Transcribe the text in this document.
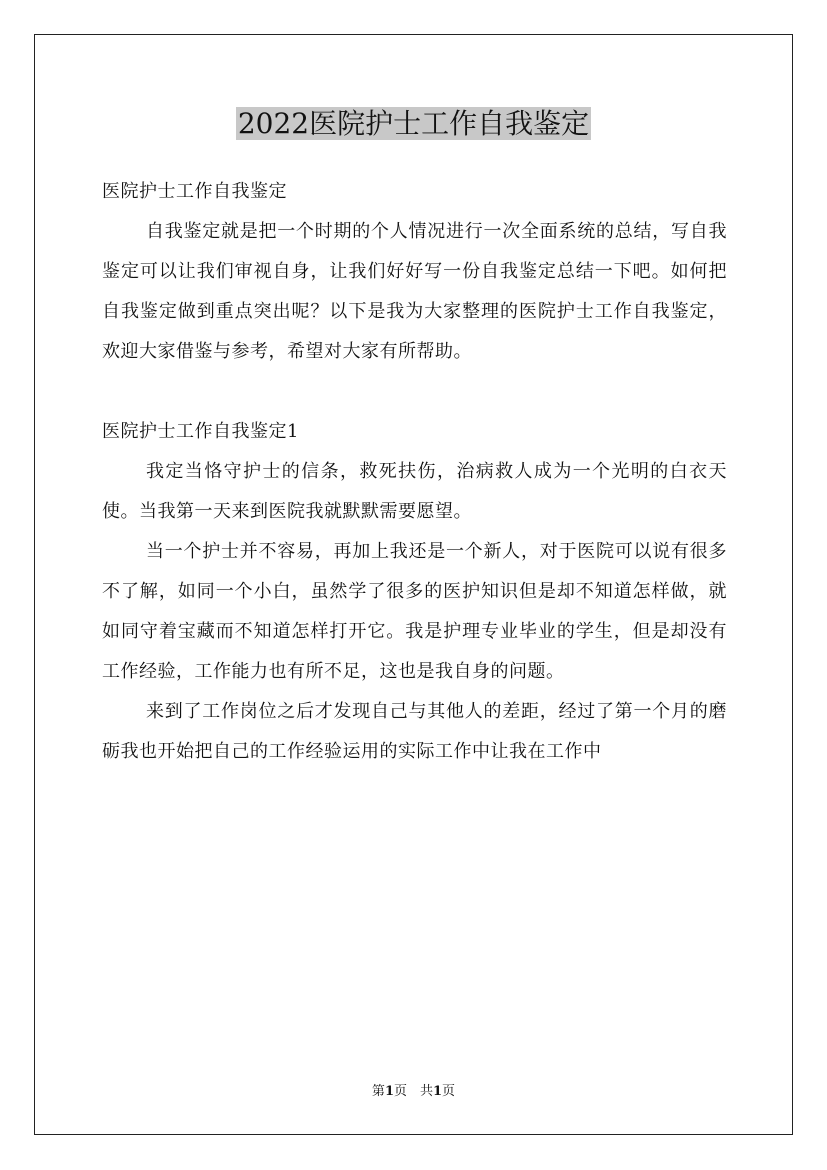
2022医院护士工作自我鉴定

医院护士工作自我鉴定

自我鉴定就是把一个时期的个人情况进行一次全面系统的总结，写自我鉴定可以让我们审视自身，让我们好好写一份自我鉴定总结一下吧。如何把自我鉴定做到重点突出呢？以下是我为大家整理的医院护士工作自我鉴定，欢迎大家借鉴与参考，希望对大家有所帮助。

医院护士工作自我鉴定1

我定当恪守护士的信条，救死扶伤，治病救人成为一个光明的白衣天使。当我第一天来到医院我就默默需要愿望。

当一个护士并不容易，再加上我还是一个新人，对于医院可以说有很多不了解，如同一个小白，虽然学了很多的医护知识但是却不知道怎样做，就如同守着宝藏而不知道怎样打开它。我是护理专业毕业的学生，但是却没有工作经验，工作能力也有所不足，这也是我自身的问题。

来到了工作岗位之后才发现自己与其他人的差距，经过了第一个月的磨砺我也开始把自己的工作经验运用的实际工作中让我在工作中

第1页　共1页
